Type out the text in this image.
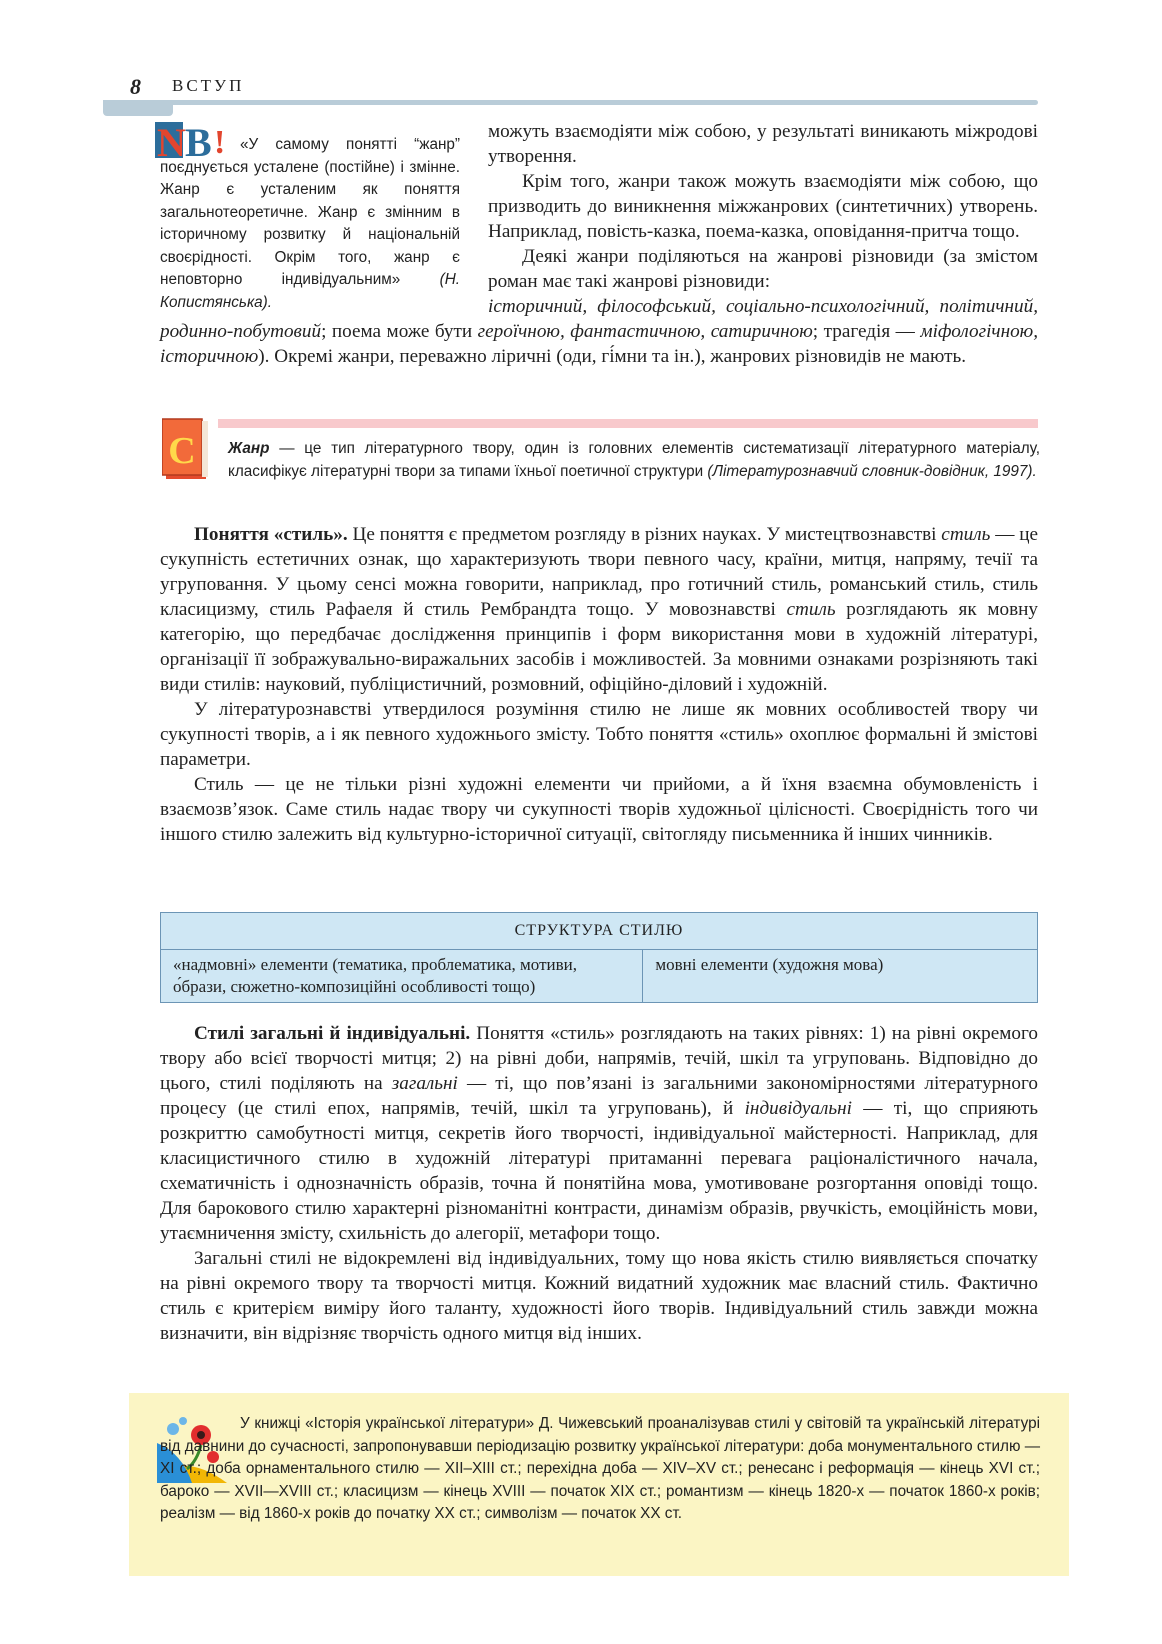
8 ВСТУП
N B ! «У самому понятті “жанр” поєднується усталене (постійне) і змінне. Жанр є усталеним як поняття загальнотеоретичне. Жанр є змінним в історичному розвитку й національній своєрідності. Окрім того, жанр є неповторно індивідуальним»	(Н. Копистянська).
можуть взаємодіяти між собою, у результаті виникають міжродові утворення.
Крім того, жанри також можуть взаємодіяти між собою, що призводить до виникнення міжжанрових (синтетичних) утворень. Наприклад, повість-казка, поема-казка, оповідання-притча тощо.
Деякі жанри поділяються на жанрові різновиди (за змістом роман має такі жанрові різновиди:
історичний, філософський, соціально-психологічний, політичний, родинно-побутовий; поема може бути героїчною, фантастичною, сатиричною; трагедія — міфологічною, історичною). Окремі жанри, переважно ліричні (оди, гі́мни та ін.), жанрових різновидів не мають.
С Жанр — це тип літературного твору, один із головних елементів систематизації літературного матеріалу, класифікує літературні твори за типами їхньої поетичної структури (Літературознавчий словник-довідник, 1997).
Поняття «стиль». Це поняття є предметом розгляду в різних науках. У мистецтвознавстві стиль — це сукупність естетичних ознак, що характеризують твори певного часу, країни, митця, напряму, течії та угруповання. У цьому сенсі можна говорити, наприклад, про готичний стиль, романський стиль, стиль класицизму, стиль Рафаеля й стиль Рембрандта тощо. У мовознавстві стиль розглядають як мовну категорію, що передбачає дослідження принципів і форм використання мови в художній літературі, організації її зображувально-виражальних засобів і можливостей. За мовними ознаками розрізняють такі види стилів: науковий, публіцистичний, розмовний, офіційно-діловий і художній.
У літературознавстві утвердилося розуміння стилю не лише як мовних особливостей твору чи сукупності творів, а і як певного художнього змісту. Тобто поняття «стиль» охоплює формальні й змістові параметри.
Стиль — це не тільки різні художні елементи чи прийоми, а й їхня взаємна обумовленість і взаємозв’язок. Саме стиль надає твору чи сукупності творів художньої цілісності. Своєрідність того чи іншого стилю залежить від культурно-історичної ситуації, світогляду письменника й інших чинників.
СТРУКТУРА СТИЛЮ
«надмовні» елементи (тематика, проблематика, мотиви, о́брази, сюжетно-композиційні особливості тощо)	мовні елементи (художня мова)
Стилі загальні й індивідуальні. Поняття «стиль» розглядають на таких рівнях: 1) на рівні окремого твору або всієї творчості митця; 2) на рівні доби, напрямів, течій, шкіл та угруповань. Відповідно до цього, стилі поділяють на загальні — ті, що пов’язані із загальними закономірностями літературного процесу (це стилі епох, напрямів, течій, шкіл та угруповань), й індивідуальні — ті, що сприяють розкриттю самобутності митця, секретів його творчості, індивідуальної майстерності. Наприклад, для класицистичного стилю в художній літературі притаманні перевага раціоналістичного начала, схематичність і однозначність образів, точна й понятійна мова, умотивоване розгортання оповіді тощо. Для барокового стилю характерні різноманітні контрасти, динамізм образів, рвучкість, емоційність мови, утаємничення змісту, схильність до алегорії, метафори тощо.
Загальні стилі не відокремлені від індивідуальних, тому що нова якість стилю виявляється спочатку на рівні окремого твору та творчості митця. Кожний видатний художник має власний стиль. Фактично стиль є критерієм виміру його таланту, художності його творів. Індивідуальний стиль завжди можна визначити, він відрізняє творчість одного митця від інших.
У книжці «Історія української літератури» Д. Чижевський проаналізував стилі у світовій та українській літературі від давнини до сучасності, запропонувавши періодизацію розвитку української літератури: доба монументального стилю — XI ст.; доба орнаментального стилю — XII–XIII ст.; перехідна доба — XIV–XV ст.; ренесанс і реформація — кінець XVI ст.; бароко — XVII—XVIII ст.; класицизм — кінець XVIII — початок XIX ст.; романтизм — кінець 1820-х — початок 1860-х років; реалізм — від 1860-х років до початку XX ст.; символізм — початок XX ст.
